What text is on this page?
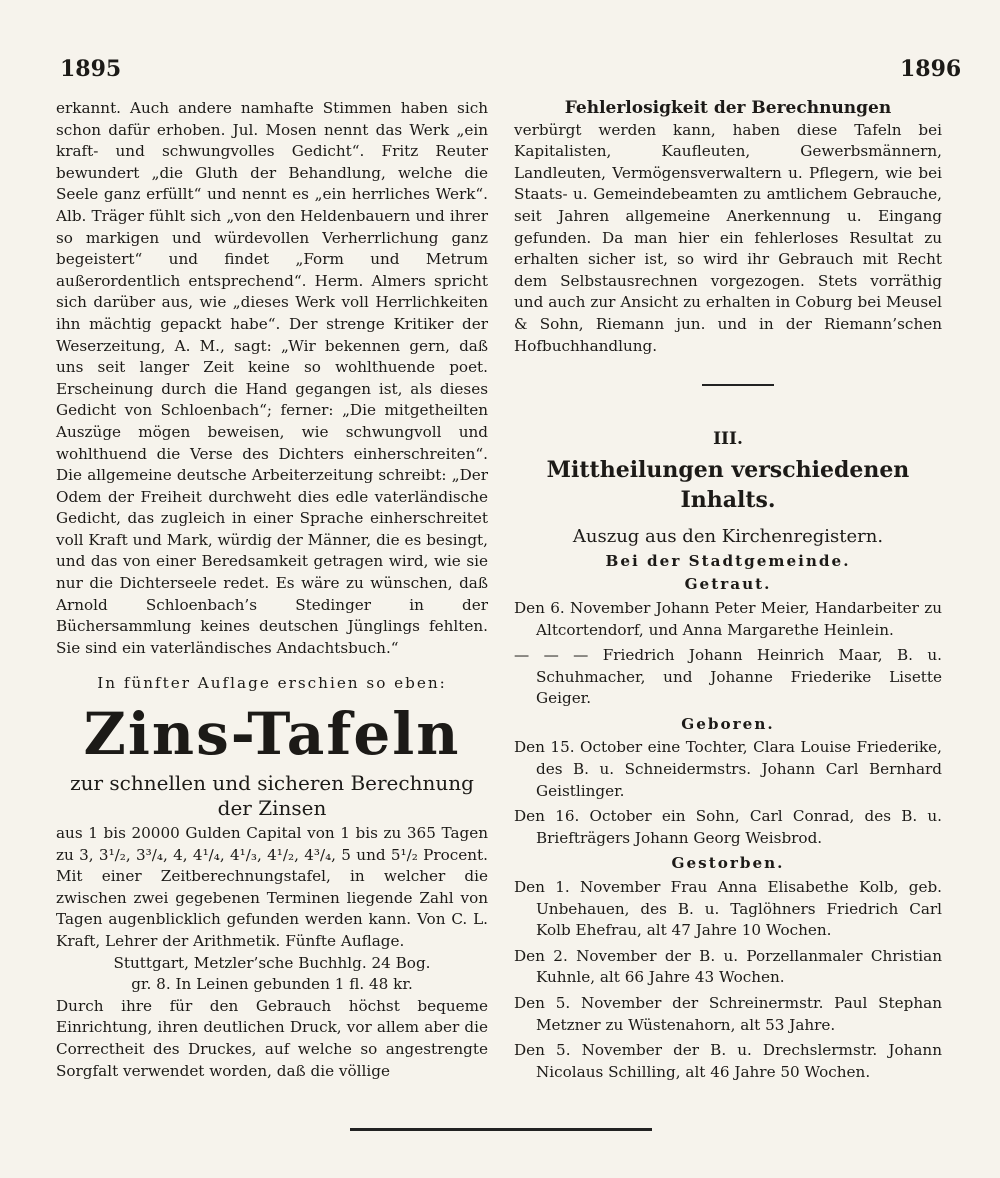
1895	1896

erkannt. Auch andere namhafte Stimmen haben sich schon dafür erhoben. Jul. Mosen nennt das Werk „ein kraft- und schwungvolles Gedicht“. Fritz Reuter bewundert „die Gluth der Behandlung, welche die Seele ganz erfüllt“ und nennt es „ein herrliches Werk“. Alb. Träger fühlt sich „von den Heldenbauern und ihrer so markigen und würdevollen Verherrlichung ganz begeistert“ und findet „Form und Metrum außerordentlich entsprechend“. Herm. Almers spricht sich darüber aus, wie „dieses Werk voll Herrlichkeiten ihn mächtig gepackt habe“. Der strenge Kritiker der Weserzeitung, A. M., sagt: „Wir bekennen gern, daß uns seit langer Zeit keine so wohlthuende poet. Erscheinung durch die Hand gegangen ist, als dieses Gedicht von Schloenbach“; ferner: „Die mitgetheilten Auszüge mögen beweisen, wie schwungvoll und wohlthuend die Verse des Dichters einherschreiten“. Die allgemeine deutsche Arbeiterzeitung schreibt: „Der Odem der Freiheit durchweht dies edle vaterländische Gedicht, das zugleich in einer Sprache einherschreitet voll Kraft und Mark, würdig der Männer, die es besingt, und das von einer Beredsamkeit getragen wird, wie sie nur die Dichterseele redet. Es wäre zu wünschen, daß Arnold Schloenbach’s Stedinger in der Büchersammlung keines deutschen Jünglings fehlten. Sie sind ein vaterländisches Andachtsbuch.“

In fünfter Auflage erschien so eben:

Zins-Tafeln

zur schnellen und sicheren Berechnung

der Zinsen

aus 1 bis 20000 Gulden Capital von 1 bis zu 365 Tagen zu 3, 3¹/₂, 3³/₄, 4, 4¹/₄, 4¹/₃, 4¹/₂, 4³/₄, 5 und 5¹/₂ Procent. Mit einer Zeitberechnungstafel, in welcher die zwischen zwei gegebenen Terminen liegende Zahl von Tagen augenblicklich gefunden werden kann. Von C. L. Kraft, Lehrer der Arithmetik. Fünfte Auflage.

Stuttgart, Metzler’sche Buchhlg. 24 Bog.

gr. 8. In Leinen gebunden 1 fl. 48 kr.

Durch ihre für den Gebrauch höchst bequeme Einrichtung, ihren deutlichen Druck, vor allem aber die Correctheit des Druckes, auf welche so angestrengte Sorgfalt verwendet worden, daß die völlige

Fehlerlosigkeit der Berechnungen

verbürgt werden kann, haben diese Tafeln bei Kapitalisten, Kaufleuten, Gewerbsmännern, Landleuten, Vermögensverwaltern u. Pflegern, wie bei Staats- u. Gemeindebeamten zu amtlichem Gebrauche, seit Jahren allgemeine Anerkennung u. Eingang gefunden. Da man hier ein fehlerloses Resultat zu erhalten sicher ist, so wird ihr Gebrauch mit Recht dem Selbstausrechnen vorgezogen. Stets vorräthig und auch zur Ansicht zu erhalten in Coburg bei Meusel & Sohn, Riemann jun. und in der Riemann’schen Hofbuchhandlung.

III.
Mittheilungen verschiedenen Inhalts.
Auszug aus den Kirchenregistern.
Bei der Stadtgemeinde.
Getraut.

Den 6. November Johann Peter Meier, Handarbeiter zu Altcortendorf, und Anna Margarethe Heinlein.

— — — Friedrich Johann Heinrich Maar, B. u. Schuhmacher, und Johanne Friederike Lisette Geiger.

Geboren.

Den 15. October eine Tochter, Clara Louise Friederike, des B. u. Schneidermstrs. Johann Carl Bernhard Geistlinger.

Den 16. October ein Sohn, Carl Conrad, des B. u. Briefträgers Johann Georg Weisbrod.

Gestorben.

Den 1. November Frau Anna Elisabethe Kolb, geb. Unbehauen, des B. u. Taglöhners Friedrich Carl Kolb Ehefrau, alt 47 Jahre 10 Wochen.

Den 2. November der B. u. Porzellanmaler Christian Kuhnle, alt 66 Jahre 43 Wochen.

Den 5. November der Schreinermstr. Paul Stephan Metzner zu Wüstenahorn, alt 53 Jahre.

Den 5. November der B. u. Drechslermstr. Johann Nicolaus Schilling, alt 46 Jahre 50 Wochen.
